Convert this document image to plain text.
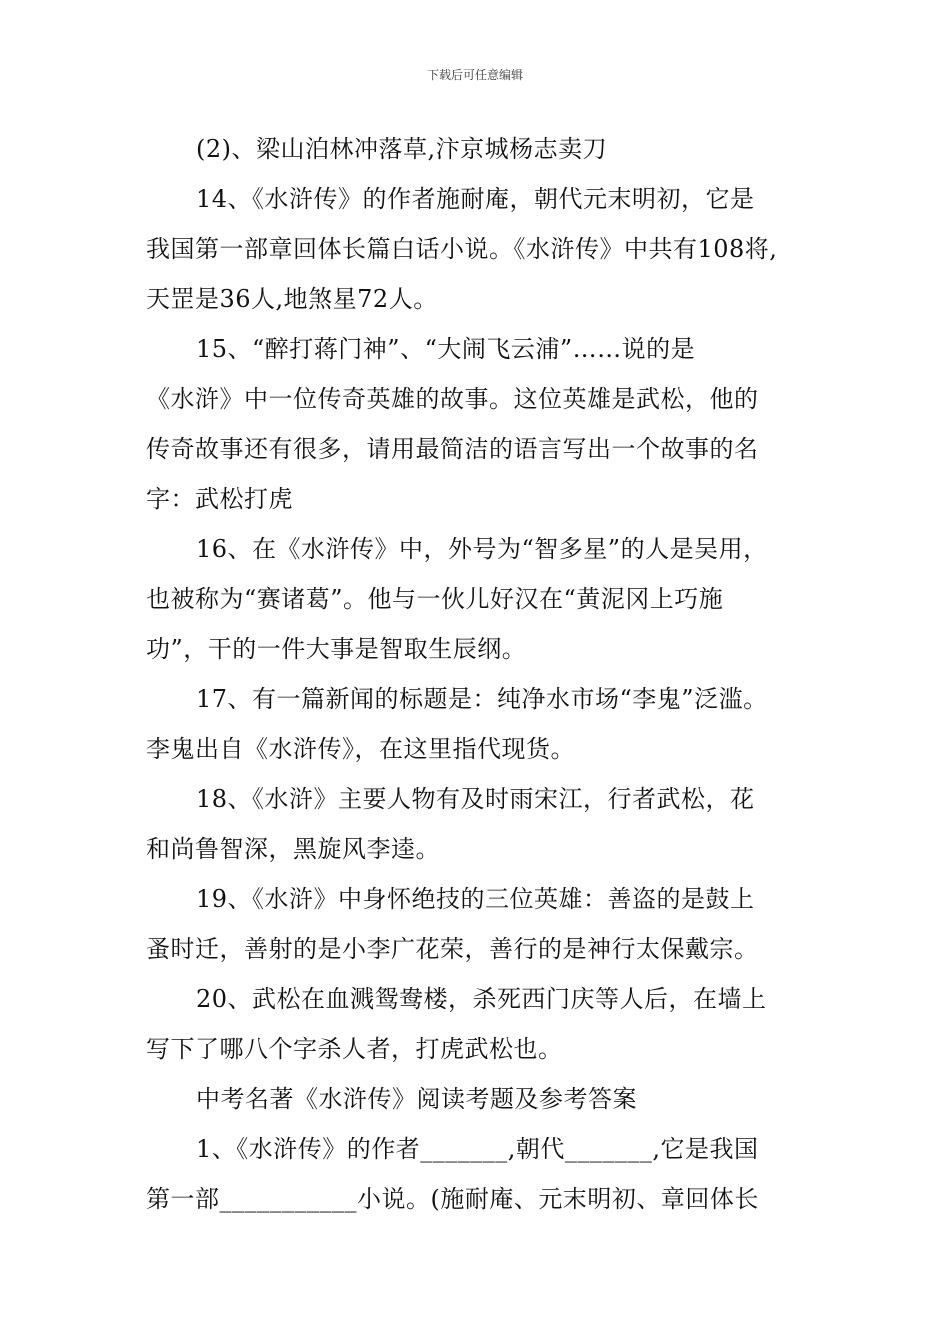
下载后可任意编辑
(2)、梁山泊林冲落草,汴京城杨志卖刀
14、《水浒传》的作者施耐庵，朝代元末明初，它是
我国第一部章回体长篇白话小说。《水浒传》中共有108将,
天罡是36人,地煞星72人。
15、“醉打蒋门神”、“大闹飞云浦”……说的是
《水浒》中一位传奇英雄的故事。这位英雄是武松，他的
传奇故事还有很多，请用最简洁的语言写出一个故事的名
字：武松打虎
16、在《水浒传》中，外号为“智多星”的人是吴用，
也被称为“赛诸葛”。他与一伙儿好汉在“黄泥冈上巧施
功”，干的一件大事是智取生辰纲。
17、有一篇新闻的标题是：纯净水市场“李鬼”泛滥。
李鬼出自《水浒传》，在这里指代现货。
18、《水浒》主要人物有及时雨宋江，行者武松，花
和尚鲁智深，黑旋风李逵。
19、《水浒》中身怀绝技的三位英雄：善盗的是鼓上
蚤时迁，善射的是小李广花荣，善行的是神行太保戴宗。
20、武松在血溅鸳鸯楼，杀死西门庆等人后，在墙上
写下了哪八个字杀人者，打虎武松也。
中考名著《水浒传》阅读考题及参考答案
1、《水浒传》的作者_______,朝代_______,它是我国
第一部___________小说。(施耐庵、元末明初、章回体长
